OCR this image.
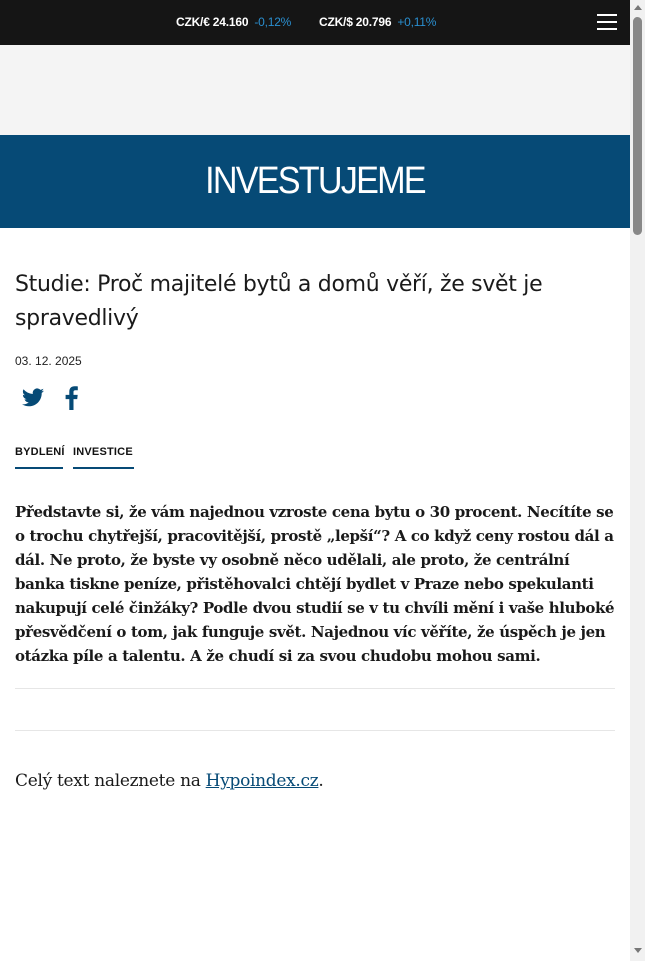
CZK/€ 24.160 -0,12% CZK/$ 20.796 +0,11%
INVESTUJEME
Studie: Proč majitelé bytů a domů věří, že svět je spravedlivý
03. 12. 2025
BYDLENÍ INVESTICE

Představte si, že vám najednou vzroste cena bytu o 30 procent. Necítíte se o trochu chytřejší, pracovitější, prostě „lepší“? A co když ceny rostou dál a dál. Ne proto, že byste vy osobně něco udělali, ale proto, že centrální banka tiskne peníze, přistěhovalci chtějí bydlet v Praze nebo spekulanti nakupují celé činžáky? Podle dvou studií se v tu chvíli mění i vaše hluboké přesvědčení o tom, jak funguje svět. Najednou víc věříte, že úspěch je jen otázka píle a talentu. A že chudí si za svou chudobu mohou sami.

Celý text naleznete na Hypoindex.cz.
